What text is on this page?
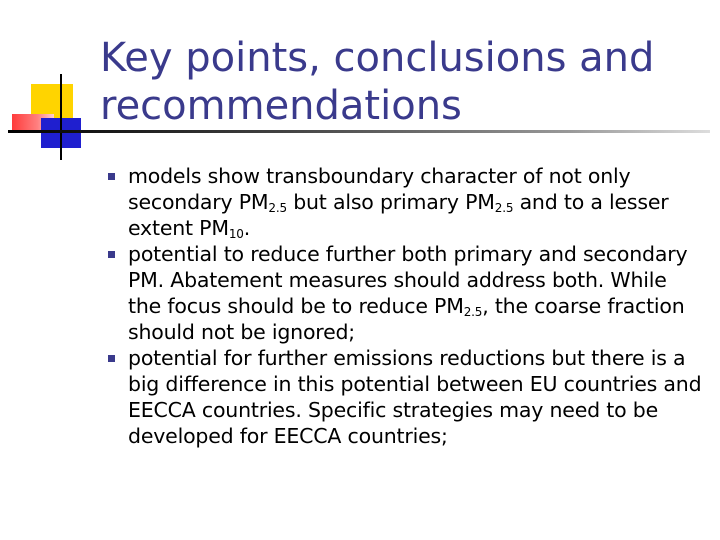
Key points, conclusions and recommendations
models show transboundary character of not only secondary $PM_{2.5}$ but also primary $PM_{2.5}$ and to a lesser extent $PM_{10}$.
potential to reduce further both primary and secondary PM. Abatement measures should address both. While the focus should be to reduce $PM_{2.5}$, the coarse fraction should not be ignored;
potential for further emissions reductions but there is a big difference in this potential between EU countries and EECCA countries. Specific strategies may need to be developed for EECCA countries;
